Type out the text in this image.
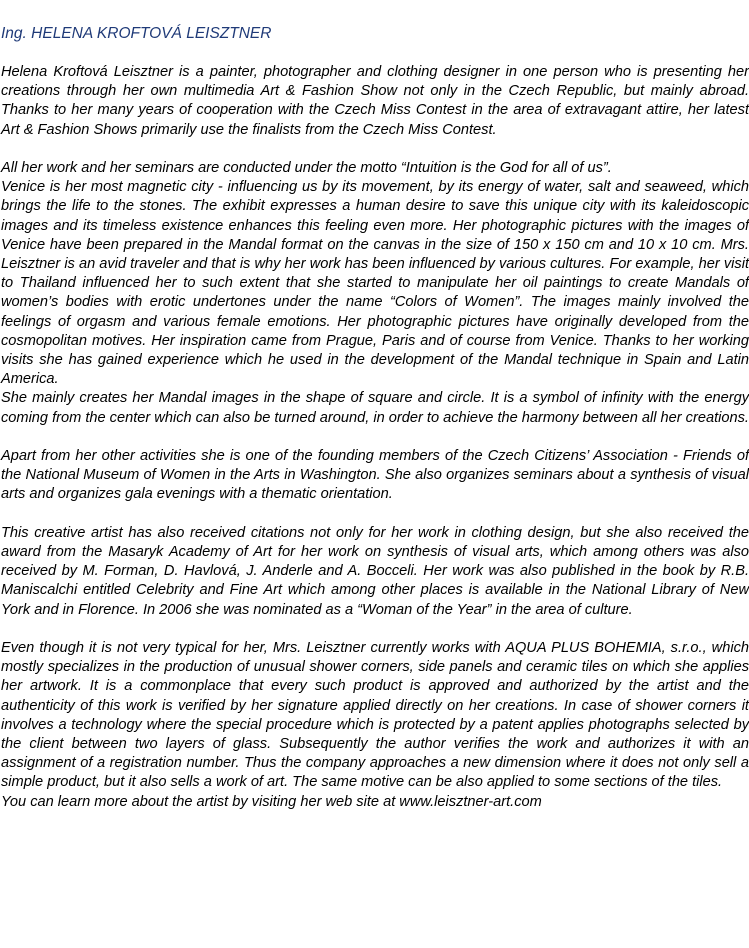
Ing. HELENA KROFTOVÁ LEISZTNER

Helena Kroftová Leisztner is a painter, photographer and clothing designer in one person who is presenting her creations through her own multimedia Art & Fashion Show not only in the Czech Republic, but mainly abroad. Thanks to her many years of cooperation with the Czech Miss Contest in the area of extravagant attire, her latest Art & Fashion Shows primarily use the finalists from the Czech Miss Contest.

All her work and her seminars are conducted under the motto “Intuition is the God for all of us”.

Venice is her most magnetic city - influencing us by its movement, by its energy of water, salt and seaweed, which brings the life to the stones. The exhibit expresses a human desire to save this unique city with its kaleidoscopic images and its timeless existence enhances this feeling even more. Her photographic pictures with the images of Venice have been prepared in the Mandal format on the canvas in the size of 150 x 150 cm and 10 x 10 cm. Mrs. Leisztner is an avid traveler and that is why her work has been influenced by various cultures. For example, her visit to Thailand influenced her to such extent that she started to manipulate her oil paintings to create Mandals of women’s bodies with erotic undertones under the name “Colors of Women”. The images mainly involved the feelings of orgasm and various female emotions. Her photographic pictures have originally developed from the cosmopolitan motives. Her inspiration came from Prague, Paris and of course from Venice. Thanks to her working visits she has gained experience which he used in the development of the Mandal technique in Spain and Latin America.

She mainly creates her Mandal images in the shape of square and circle. It is a symbol of infinity with the energy coming from the center which can also be turned around, in order to achieve the harmony between all her creations.

Apart from her other activities she is one of the founding members of the Czech Citizens’ Association - Friends of the National Museum of Women in the Arts in Washington. She also organizes seminars about a synthesis of visual arts and organizes gala evenings with a thematic orientation.

This creative artist has also received citations not only for her work in clothing design, but she also received the award from the Masaryk Academy of Art for her work on synthesis of visual arts, which among others was also received by M. Forman, D. Havlová, J. Anderle and A. Bocceli. Her work was also published in the book by R.B. Maniscalchi entitled Celebrity and Fine Art which among other places is available in the National Library of New York and in Florence. In 2006 she was nominated as a “Woman of the Year” in the area of culture.

Even though it is not very typical for her, Mrs. Leisztner currently works with AQUA PLUS BOHEMIA, s.r.o., which mostly specializes in the production of unusual shower corners, side panels and ceramic tiles on which she applies her artwork. It is a commonplace that every such product is approved and authorized by the artist and the authenticity of this work is verified by her signature applied directly on her creations. In case of shower corners it involves a technology where the special procedure which is protected by a patent applies photographs selected by the client between two layers of glass. Subsequently the author verifies the work and authorizes it with an assignment of a registration number. Thus the company approaches a new dimension where it does not only sell a simple product, but it also sells a work of art. The same motive can be also applied to some sections of the tiles.

You can learn more about the artist by visiting her web site at www.leisztner-art.com
